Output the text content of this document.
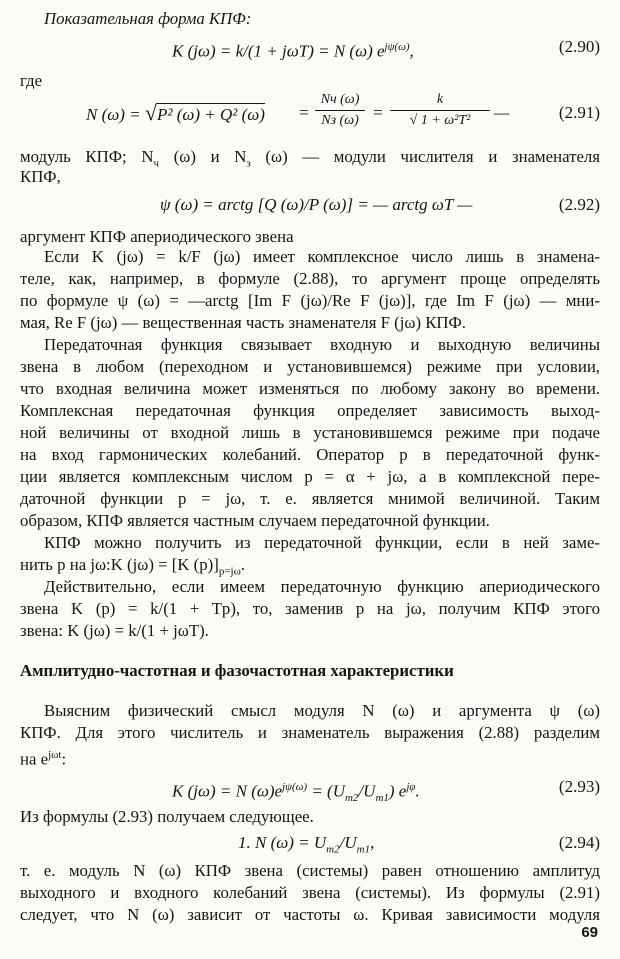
Показательная форма КПФ:
K (jω) = k/(1 + jωT) = N (ω) $e^{j\psi(\omega)}$,	(2.90)
где
N (ω) = √P² (ω) + Q² (ω) =
Nч (ω)
Nз (ω) =
k
√ 1 + ω²T²	—	(2.91)
модуль КПФ; $N_ч$ (ω) и $N_з$ (ω) — модули числителя и знаменателя
КПФ,
ψ (ω) = arctg [Q (ω)/P (ω)] = — arctg ωT —	(2.92)
аргумент КПФ апериодического звена
Если K (jω) = k/F (jω) имеет комплексное число лишь в знамена-
теле, как, например, в формуле (2.88), то аргумент проще определять
по формуле ψ (ω) = —arctg [Im F (jω)/Re F (jω)], где Im F (jω) — мни-
мая, Re F (jω) — вещественная часть знаменателя F (jω) КПФ.
Передаточная функция связывает входную и выходную величины
звена в любом (переходном и установившемся) режиме при условии,
что входная величина может изменяться по любому закону во времени.
Комплексная передаточная функция определяет зависимость выход-
ной величины от входной лишь в установившемся режиме при подаче
на вход гармонических колебаний. Оператор p в передаточной функ-
ции является комплексным числом p = α + jω, а в комплексной пере-
даточной функции p = jω, т. е. является мнимой величиной. Таким
образом, КПФ является частным случаем передаточной функции.
КПФ можно получить из передаточной функции, если в ней заме-
нить p на jω:K (jω) = [K $(p)]_{p=j\omega}$.
Действительно, если имеем передаточную функцию апериодического
звена K (p) = k/(1 + Tp), то, заменив p на jω, получим КПФ этого
звена: K (jω) = k/(1 + jωT).
Амплитудно-частотная и фазочастотная характеристики
Выясним физический смысл модуля N (ω) и аргумента ψ (ω)
КПФ. Для этого числитель и знаменатель выражения (2.88) разделим
на $e^{j\omega t}$:
K (jω) = N $(\omega)e^{j\psi(\omega)} = (U_{m2}/U_{m1})$ $e^{j\varphi}$.	(2.93)
Из формулы (2.93) получаем следующее.
1. N $(\omega) = U_{m2}/U_{m1}$,	(2.94)
т. е. модуль N (ω) КПФ звена (системы) равен отношению амплитуд
выходного и входного колебаний звена (системы). Из формулы (2.91)
следует, что N (ω) зависит от частоты ω. Кривая зависимости модуля
69
